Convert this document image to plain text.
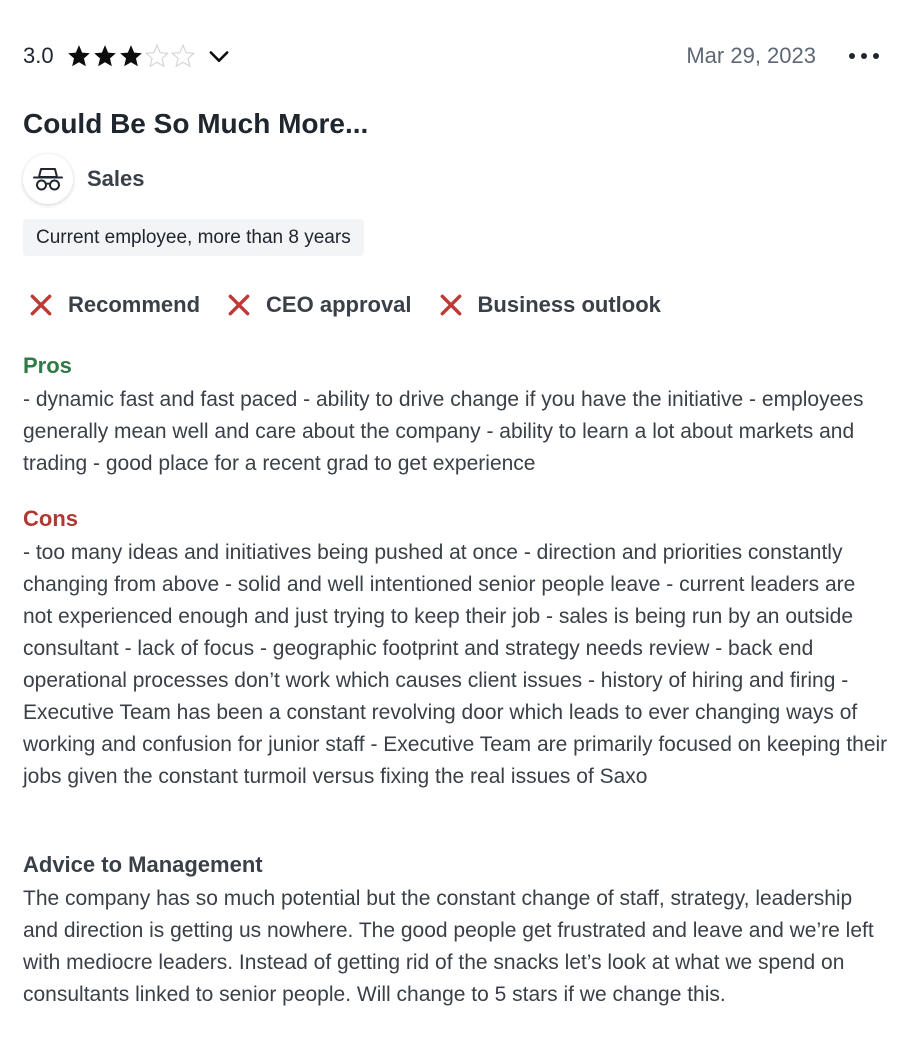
3.0	Mar 29, 2023
Could Be So Much More...
Sales
Current employee, more than 8 years
Recommend	CEO approval	Business outlook
Pros

- dynamic fast and fast paced - ability to drive change if you have the initiative - employees generally mean well and care about the company - ability to learn a lot about markets and trading - good place for a recent grad to get experience

Cons

- too many ideas and initiatives being pushed at once - direction and priorities constantly changing from above - solid and well intentioned senior people leave - current leaders are not experienced enough and just trying to keep their job - sales is being run by an outside consultant - lack of focus - geographic footprint and strategy needs review - back end operational processes don’t work which causes client issues - history of hiring and firing - Executive Team has been a constant revolving door which leads to ever changing ways of working and confusion for junior staff - Executive Team are primarily focused on keeping their jobs given the constant turmoil versus fixing the real issues of Saxo

Advice to Management

The company has so much potential but the constant change of staff, strategy, leadership and direction is getting us nowhere. The good people get frustrated and leave and we’re left with mediocre leaders. Instead of getting rid of the snacks let’s look at what we spend on consultants linked to senior people. Will change to 5 stars if we change this.
